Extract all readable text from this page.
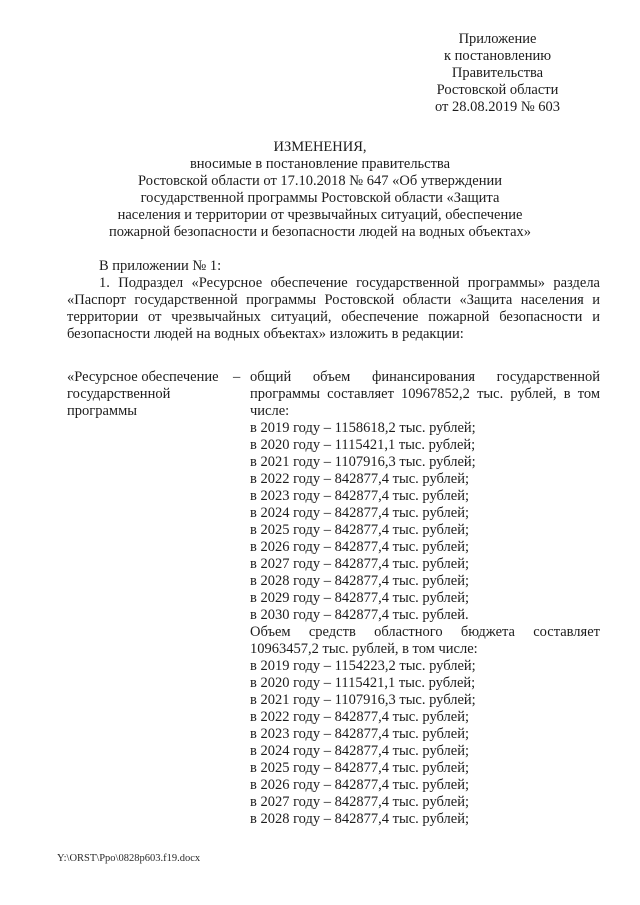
Приложение
к постановлению
Правительства
Ростовской области
от 28.08.2019 № 603
ИЗМЕНЕНИЯ,
вносимые в постановление правительства
Ростовской области от 17.10.2018 № 647 «Об утверждении
государственной программы Ростовской области «Защита
населения и территории от чрезвычайных ситуаций, обеспечение
пожарной безопасности и безопасности людей на водных объектах»

В приложении № 1:

1. Подраздел «Ресурсное обеспечение государственной программы» раздела «Паспорт государственной программы Ростовской области «Защита населения и территории от чрезвычайных ситуаций, обеспечение пожарной безопасности и безопасности людей на водных объектах» изложить в редакции:

«Ресурсное обеспечение государственной программы
– общий объем финансирования государственной программы составляет 10967852,2 тыс. рублей, в том числе:

в 2019 году – 1158618,2 тыс. рублей;
в 2020 году – 1115421,1 тыс. рублей;
в 2021 году – 1107916,3 тыс. рублей;
в 2022 году – 842877,4 тыс. рублей;
в 2023 году – 842877,4 тыс. рублей;
в 2024 году – 842877,4 тыс. рублей;
в 2025 году – 842877,4 тыс. рублей;
в 2026 году – 842877,4 тыс. рублей;
в 2027 году – 842877,4 тыс. рублей;
в 2028 году – 842877,4 тыс. рублей;
в 2029 году – 842877,4 тыс. рублей;
в 2030 году – 842877,4 тыс. рублей.

Объем средств областного бюджета составляет 10963457,2 тыс. рублей, в том числе:

в 2019 году – 1154223,2 тыс. рублей;
в 2020 году – 1115421,1 тыс. рублей;
в 2021 году – 1107916,3 тыс. рублей;
в 2022 году – 842877,4 тыс. рублей;
в 2023 году – 842877,4 тыс. рублей;
в 2024 году – 842877,4 тыс. рублей;
в 2025 году – 842877,4 тыс. рублей;
в 2026 году – 842877,4 тыс. рублей;
в 2027 году – 842877,4 тыс. рублей;
в 2028 году – 842877,4 тыс. рублей;
Y:\ORST\Ppo\0828p603.f19.docx
